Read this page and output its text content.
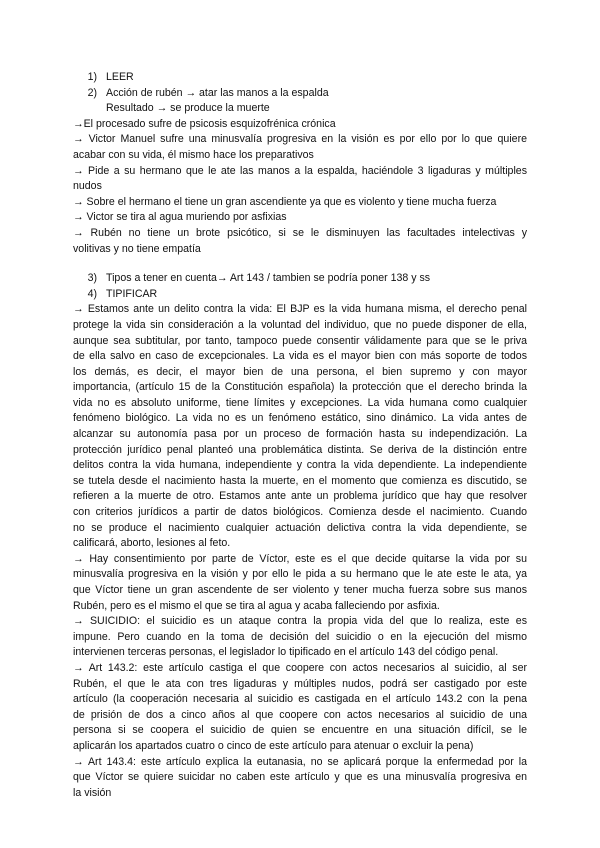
1) LEER
2) Acción de rubén → atar las manos a la espalda
Resultado → se produce la muerte
→El procesado sufre de psicosis esquizofrénica crónica
→ Victor Manuel sufre una minusvalía progresiva en la visión es por ello por lo que quiere
acabar con su vida, él mismo hace los preparativos
→ Pide a su hermano que le ate las manos a la espalda, haciéndole 3 ligaduras y múltiples
nudos
→ Sobre el hermano el tiene un gran ascendiente ya que es violento y tiene mucha fuerza
→ Victor se tira al agua muriendo por asfixias
→ Rubén no tiene un brote psicótico, si se le disminuyen las facultades intelectivas y
volitivas y no tiene empatía
3) Tipos a tener en cuenta→ Art 143 / tambien se podría poner 138 y ss
4) TIPIFICAR
→ Estamos ante un delito contra la vida: El BJP es la vida humana misma, el derecho penal
protege la vida sin consideración a la voluntad del individuo, que no puede disponer de ella,
aunque sea subtitular, por tanto, tampoco puede consentir válidamente para que se le priva
de ella salvo en caso de excepcionales. La vida es el mayor bien con más soporte de todos
los demás, es decir, el mayor bien de una persona, el bien supremo y con mayor
importancia, (artículo 15 de la Constitución española) la protección que el derecho brinda la
vida no es absoluto uniforme, tiene límites y excepciones. La vida humana como cualquier
fenómeno biológico. La vida no es un fenómeno estático, sino dinámico. La vida antes de
alcanzar su autonomía pasa por un proceso de formación hasta su independización. La
protección jurídico penal planteó una problemática distinta. Se deriva de la distinción entre
delitos contra la vida humana, independiente y contra la vida dependiente. La independiente
se tutela desde el nacimiento hasta la muerte, en el momento que comienza es discutido, se
refieren a la muerte de otro. Estamos ante ante un problema jurídico que hay que resolver
con criterios jurídicos a partir de datos biológicos. Comienza desde el nacimiento. Cuando
no se produce el nacimiento cualquier actuación delictiva contra la vida dependiente, se
calificará, aborto, lesiones al feto.
→ Hay consentimiento por parte de Víctor, este es el que decide quitarse la vida por su
minusvalía progresiva en la visión y por ello le pida a su hermano que le ate este le ata, ya
que Víctor tiene un gran ascendente de ser violento y tener mucha fuerza sobre sus manos
Rubén, pero es el mismo el que se tira al agua y acaba falleciendo por asfixia.
→ SUICIDIO: el suicidio es un ataque contra la propia vida del que lo realiza, este es
impune. Pero cuando en la toma de decisión del suicidio o en la ejecución del mismo
intervienen terceras personas, el legislador lo tipificado en el artículo 143 del código penal.
→ Art 143.2: este artículo castiga el que coopere con actos necesarios al suicidio, al ser
Rubén, el que le ata con tres ligaduras y múltiples nudos, podrá ser castigado por este
artículo (la cooperación necesaria al suicidio es castigada en el artículo 143.2 con la pena
de prisión de dos a cinco años al que coopere con actos necesarios al suicidio de una
persona si se coopera el suicidio de quien se encuentre en una situación difícil, se le
aplicarán los apartados cuatro o cinco de este artículo para atenuar o excluir la pena)
→ Art 143.4: este artículo explica la eutanasia, no se aplicará porque la enfermedad por la
que Víctor se quiere suicidar no caben este artículo y que es una minusvalía progresiva en
la visión
